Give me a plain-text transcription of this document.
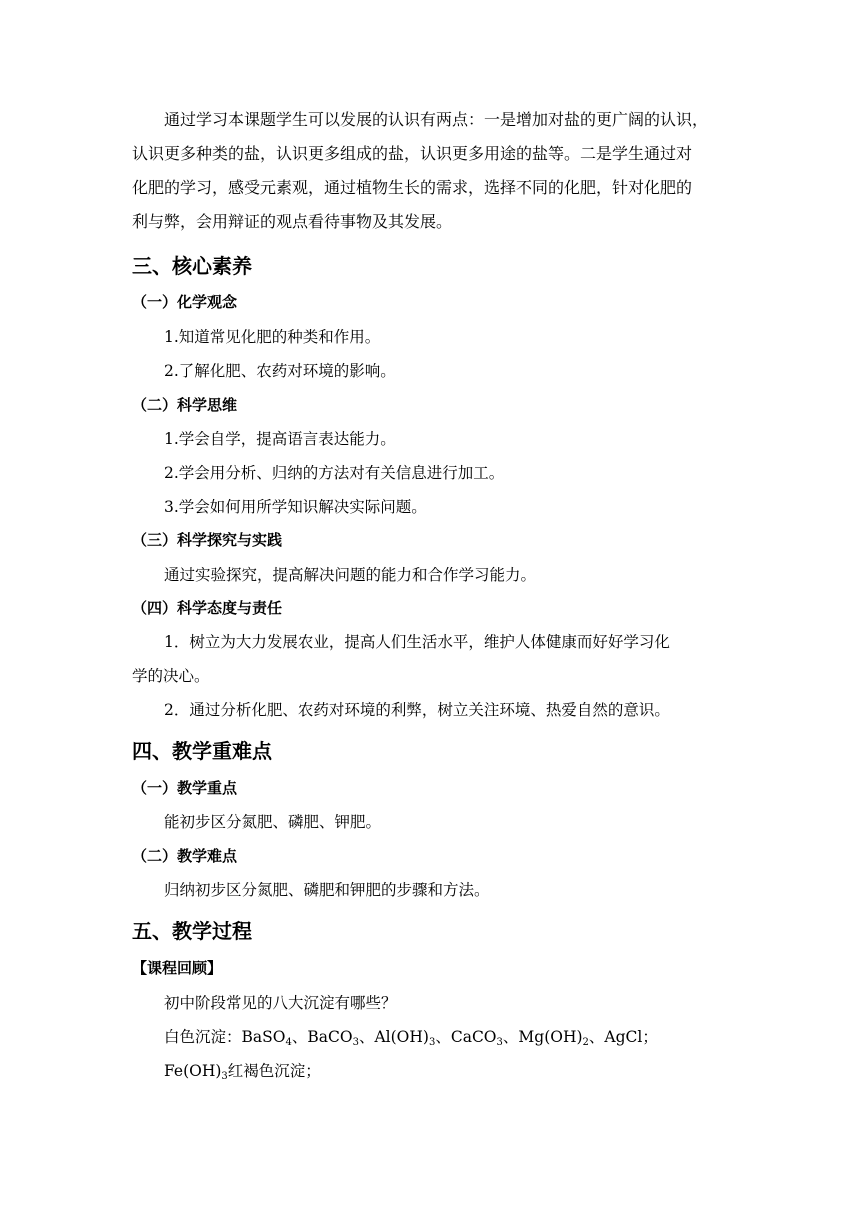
通过学习本课题学生可以发展的认识有两点：一是增加对盐的更广阔的认识，

认识更多种类的盐，认识更多组成的盐，认识更多用途的盐等。二是学生通过对

化肥的学习，感受元素观，通过植物生长的需求，选择不同的化肥，针对化肥的

利与弊，会用辩证的观点看待事物及其发展。

三、核心素养
（一）化学观念

1.知道常见化肥的种类和作用。

2.了解化肥、农药对环境的影响。

（二）科学思维

1.学会自学，提高语言表达能力。

2.学会用分析、归纳的方法对有关信息进行加工。

3.学会如何用所学知识解决实际问题。

（三）科学探究与实践

通过实验探究，提高解决问题的能力和合作学习能力。

（四）科学态度与责任

1．树立为大力发展农业，提高人们生活水平，维护人体健康而好好学习化

学的决心。

2．通过分析化肥、农药对环境的利弊，树立关注环境、热爱自然的意识。

四、教学重难点
（一）教学重点

能初步区分氮肥、磷肥、钾肥。

（二）教学难点

归纳初步区分氮肥、磷肥和钾肥的步骤和方法。

五、教学过程
【课程回顾】

初中阶段常见的八大沉淀有哪些？

白色沉淀：BaSO$_4$、BaCO$_3$、$Al(OH)_3$、CaCO$_3$、$Mg(OH)_2$、AgCl；

$Fe(OH)_3$红褐色沉淀；
